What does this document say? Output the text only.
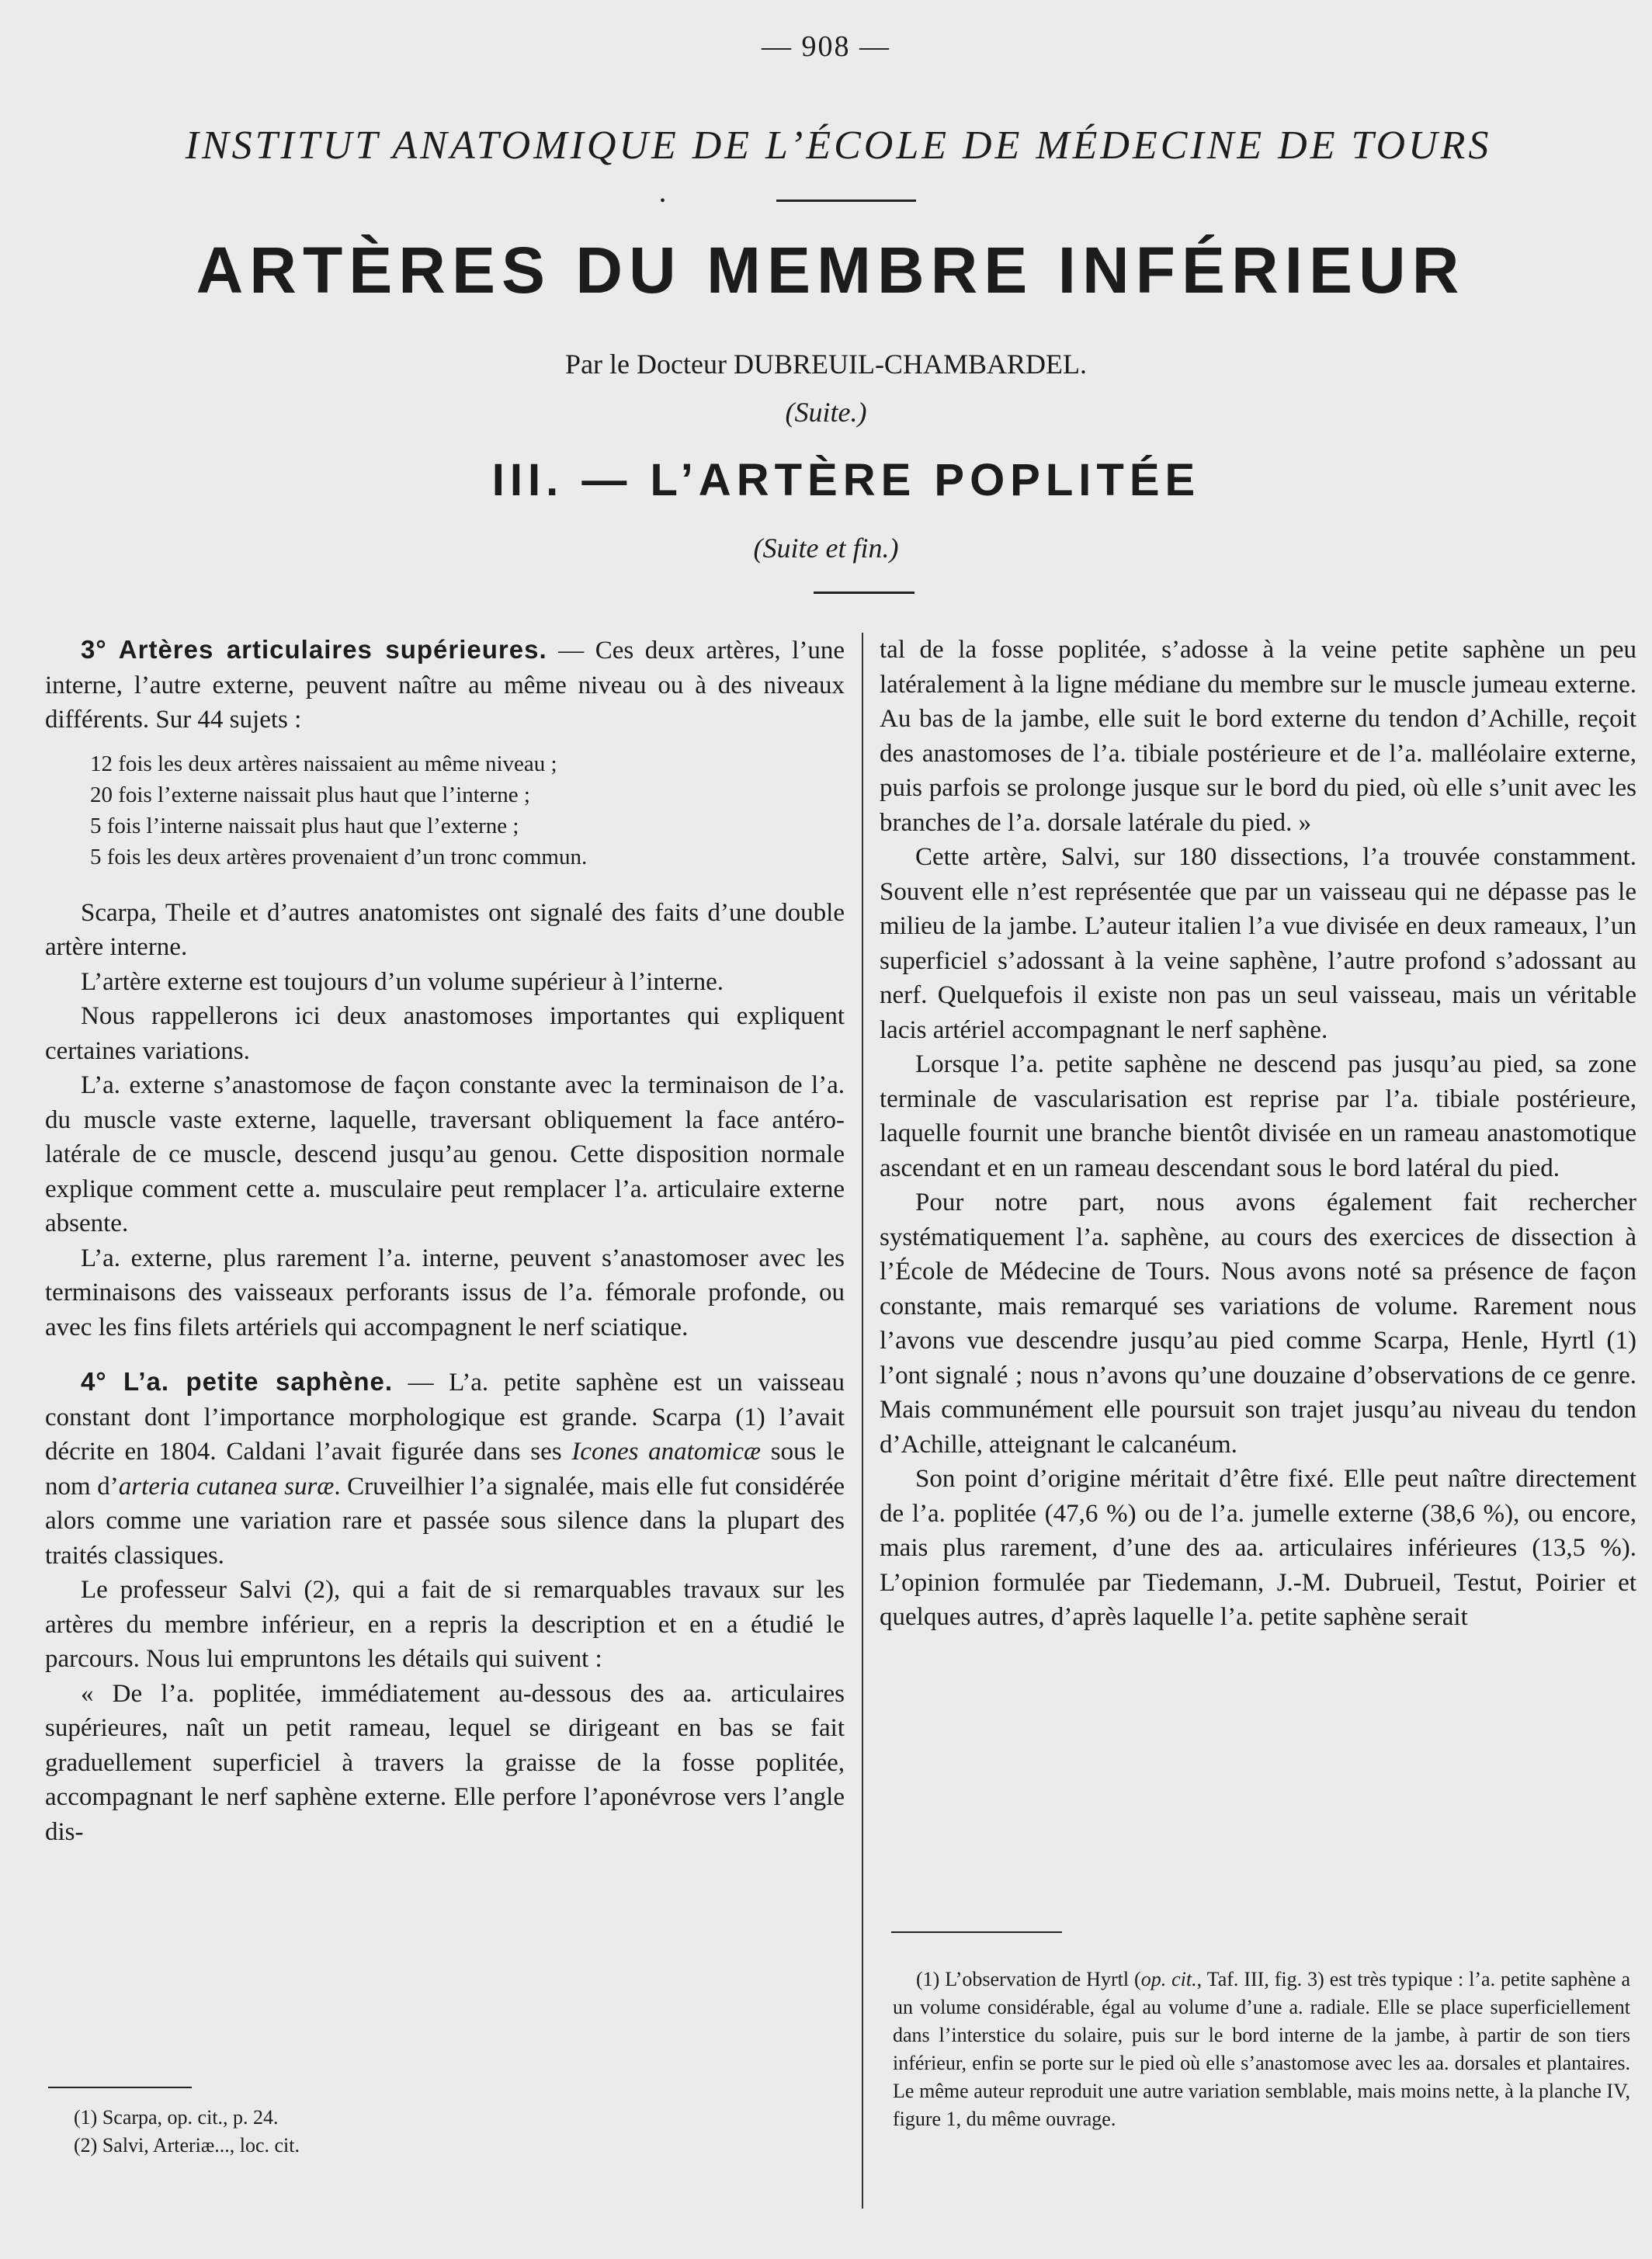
— 908 —
INSTITUT ANATOMIQUE DE L’ÉCOLE DE MÉDECINE DE TOURS
•
ARTÈRES DU MEMBRE INFÉRIEUR
Par le Docteur DUBREUIL-CHAMBARDEL.
(Suite.)
III. — L’ARTÈRE POPLITÉE
(Suite et fin.)

3° Artères articulaires supérieures. — Ces deux artères, l’une interne, l’autre externe, peuvent naître au même niveau ou à des niveaux différents. Sur 44 sujets :

12 fois les deux artères naissaient au même niveau ;
20 fois l’externe naissait plus haut que l’interne ;
5 fois l’interne naissait plus haut que l’externe ;
5 fois les deux artères provenaient d’un tronc commun.

Scarpa, Theile et d’autres anatomistes ont signalé des faits d’une double artère interne.

L’artère externe est toujours d’un volume supérieur à l’interne.

Nous rappellerons ici deux anastomoses importantes qui expliquent certaines variations.

L’a. externe s’anastomose de façon constante avec la terminaison de l’a. du muscle vaste externe, laquelle, traversant obliquement la face antéro-latérale de ce muscle, descend jusqu’au genou. Cette disposition normale explique comment cette a. musculaire peut remplacer l’a. articulaire externe absente.

L’a. externe, plus rarement l’a. interne, peuvent s’anastomoser avec les terminaisons des vaisseaux perforants issus de l’a. fémorale profonde, ou avec les fins filets artériels qui accompagnent le nerf sciatique.

4° L’a. petite saphène. — L’a. petite saphène est un vaisseau constant dont l’importance morphologique est grande. Scarpa (1) l’avait décrite en 1804. Caldani l’avait figurée dans ses Icones anatomicæ sous le nom d’arteria cutanea suræ. Cruveilhier l’a signalée, mais elle fut considérée alors comme une variation rare et passée sous silence dans la plupart des traités classiques.

Le professeur Salvi (2), qui a fait de si remarquables travaux sur les artères du membre inférieur, en a repris la description et en a étudié le parcours. Nous lui empruntons les détails qui suivent :

« De l’a. poplitée, immédiatement au-dessous des aa. articulaires supérieures, naît un petit rameau, lequel se dirigeant en bas se fait graduellement superficiel à travers la graisse de la fosse poplitée, accompagnant le nerf saphène externe. Elle perfore l’aponévrose vers l’angle dis-

(1) Scarpa, op. cit., p. 24.

(2) Salvi, Arteriæ..., loc. cit.

tal de la fosse poplitée, s’adosse à la veine petite saphène un peu latéralement à la ligne médiane du membre sur le muscle jumeau externe. Au bas de la jambe, elle suit le bord externe du tendon d’Achille, reçoit des anastomoses de l’a. tibiale postérieure et de l’a. malléolaire externe, puis parfois se prolonge jusque sur le bord du pied, où elle s’unit avec les branches de l’a. dorsale latérale du pied. »

Cette artère, Salvi, sur 180 dissections, l’a trouvée constamment. Souvent elle n’est représentée que par un vaisseau qui ne dépasse pas le milieu de la jambe. L’auteur italien l’a vue divisée en deux rameaux, l’un superficiel s’adossant à la veine saphène, l’autre profond s’adossant au nerf. Quelquefois il existe non pas un seul vaisseau, mais un véritable lacis artériel accompagnant le nerf saphène.

Lorsque l’a. petite saphène ne descend pas jusqu’au pied, sa zone terminale de vascularisation est reprise par l’a. tibiale postérieure, laquelle fournit une branche bientôt divisée en un rameau anastomotique ascendant et en un rameau descendant sous le bord latéral du pied.

Pour notre part, nous avons également fait rechercher systématiquement l’a. saphène, au cours des exercices de dissection à l’École de Médecine de Tours. Nous avons noté sa présence de façon constante, mais remarqué ses variations de volume. Rarement nous l’avons vue descendre jusqu’au pied comme Scarpa, Henle, Hyrtl (1) l’ont signalé ; nous n’avons qu’une douzaine d’observations de ce genre. Mais communément elle poursuit son trajet jusqu’au niveau du tendon d’Achille, atteignant le calcanéum.

Son point d’origine méritait d’être fixé. Elle peut naître directement de l’a. poplitée (47,6 %) ou de l’a. jumelle externe (38,6 %), ou encore, mais plus rarement, d’une des aa. articulaires inférieures (13,5 %). L’opinion formulée par Tiedemann, J.-M. Dubrueil, Testut, Poirier et quelques autres, d’après laquelle l’a. petite saphène serait

(1) L’observation de Hyrtl (op. cit., Taf. III, fig. 3) est très typique : l’a. petite saphène a un volume considérable, égal au volume d’une a. radiale. Elle se place superficiellement dans l’interstice du solaire, puis sur le bord interne de la jambe, à partir de son tiers inférieur, enfin se porte sur le pied où elle s’anastomose avec les aa. dorsales et plantaires. Le même auteur reproduit une autre variation semblable, mais moins nette, à la planche IV, figure 1, du même ouvrage.
